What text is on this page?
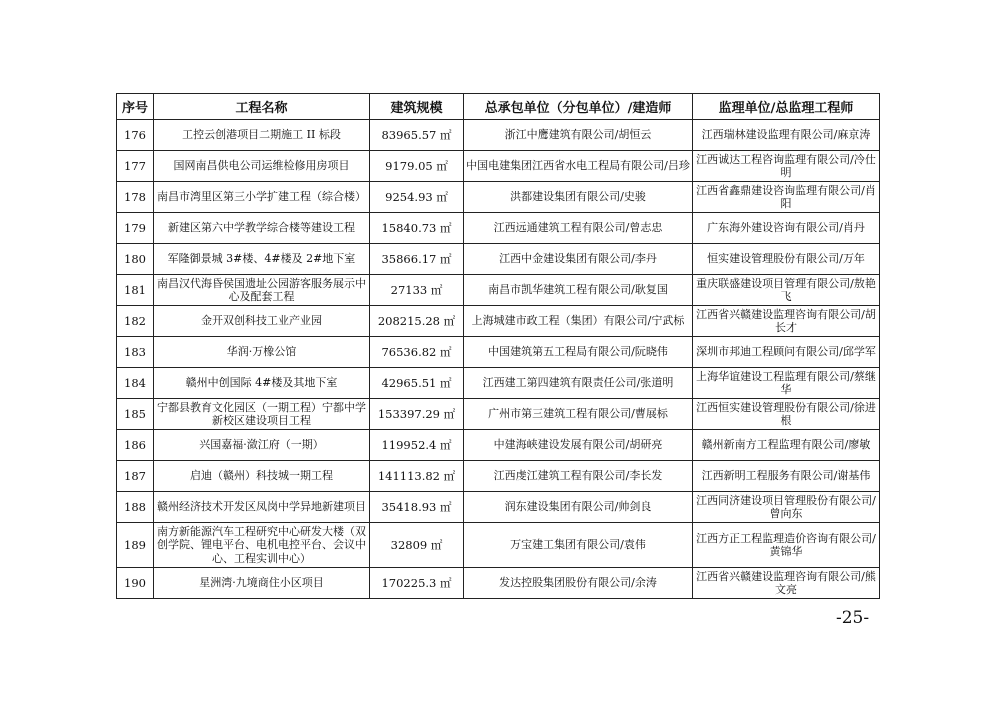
序号	工程名称	建筑规模	总承包单位（分包单位）/建造师	监理单位/总监理工程师
176	工控云创港项目二期施工 II 标段	83965.57 ㎡	浙江中鹰建筑有限公司/胡恒云	江西瑞林建设监理有限公司/麻京涛
177	国网南昌供电公司运维检修用房项目	9179.05 ㎡	中国电建集团江西省水电工程局有限公司/吕珍	江西诚达工程咨询监理有限公司/冷仕明
178	南昌市湾里区第三小学扩建工程（综合楼）	9254.93 ㎡	洪都建设集团有限公司/史骏	江西省鑫鼎建设咨询监理有限公司/肖阳
179	新建区第六中学教学综合楼等建设工程	15840.73 ㎡	江西远通建筑工程有限公司/曾志忠	广东海外建设咨询有限公司/肖丹
180	军隆御景城 3#楼、4#楼及 2#地下室	35866.17 ㎡	江西中金建设集团有限公司/李丹	恒实建设管理股份有限公司/万年
181	南昌汉代海昏侯国遗址公园游客服务展示中心及配套工程	27133 ㎡	南昌市凯华建筑工程有限公司/耿复国	重庆联盛建设项目管理有限公司/敖艳飞
182	金开双创科技工业产业园	208215.28 ㎡	上海城建市政工程（集团）有限公司/宁武标	江西省兴赣建设监理咨询有限公司/胡长才
183	华润·万橡公馆	76536.82 ㎡	中国建筑第五工程局有限公司/阮晓伟	深圳市邦迪工程顾问有限公司/邱学军
184	赣州中创国际 4#楼及其地下室	42965.51 ㎡	江西建工第四建筑有限责任公司/张道明	上海华谊建设工程监理有限公司/蔡继华
185	宁都县教育文化园区（一期工程）宁都中学新校区建设项目工程	153397.29 ㎡	广州市第三建筑工程有限公司/曹展标	江西恒实建设管理股份有限公司/徐进根
186	兴国嘉福·潋江府（一期）	119952.4 ㎡	中建海峡建设发展有限公司/胡研亮	赣州新南方工程监理有限公司/廖敏
187	启迪（赣州）科技城一期工程	141113.82 ㎡	江西虔江建筑工程有限公司/李长发	江西新明工程服务有限公司/谢基伟
188	赣州经济技术开发区凤岗中学异地新建项目	35418.93 ㎡	润东建设集团有限公司/帅剑良	江西同济建设项目管理股份有限公司/曾向东
189	南方新能源汽车工程研究中心研发大楼（双创学院、锂电平台、电机电控平台、会议中心、工程实训中心）	32809 ㎡	万宝建工集团有限公司/袁伟	江西方正工程监理造价咨询有限公司/黄锦华
190	星洲湾·九境商住小区项目	170225.3 ㎡	发达控股集团股份有限公司/余涛	江西省兴赣建设监理咨询有限公司/熊文亮
-25-
